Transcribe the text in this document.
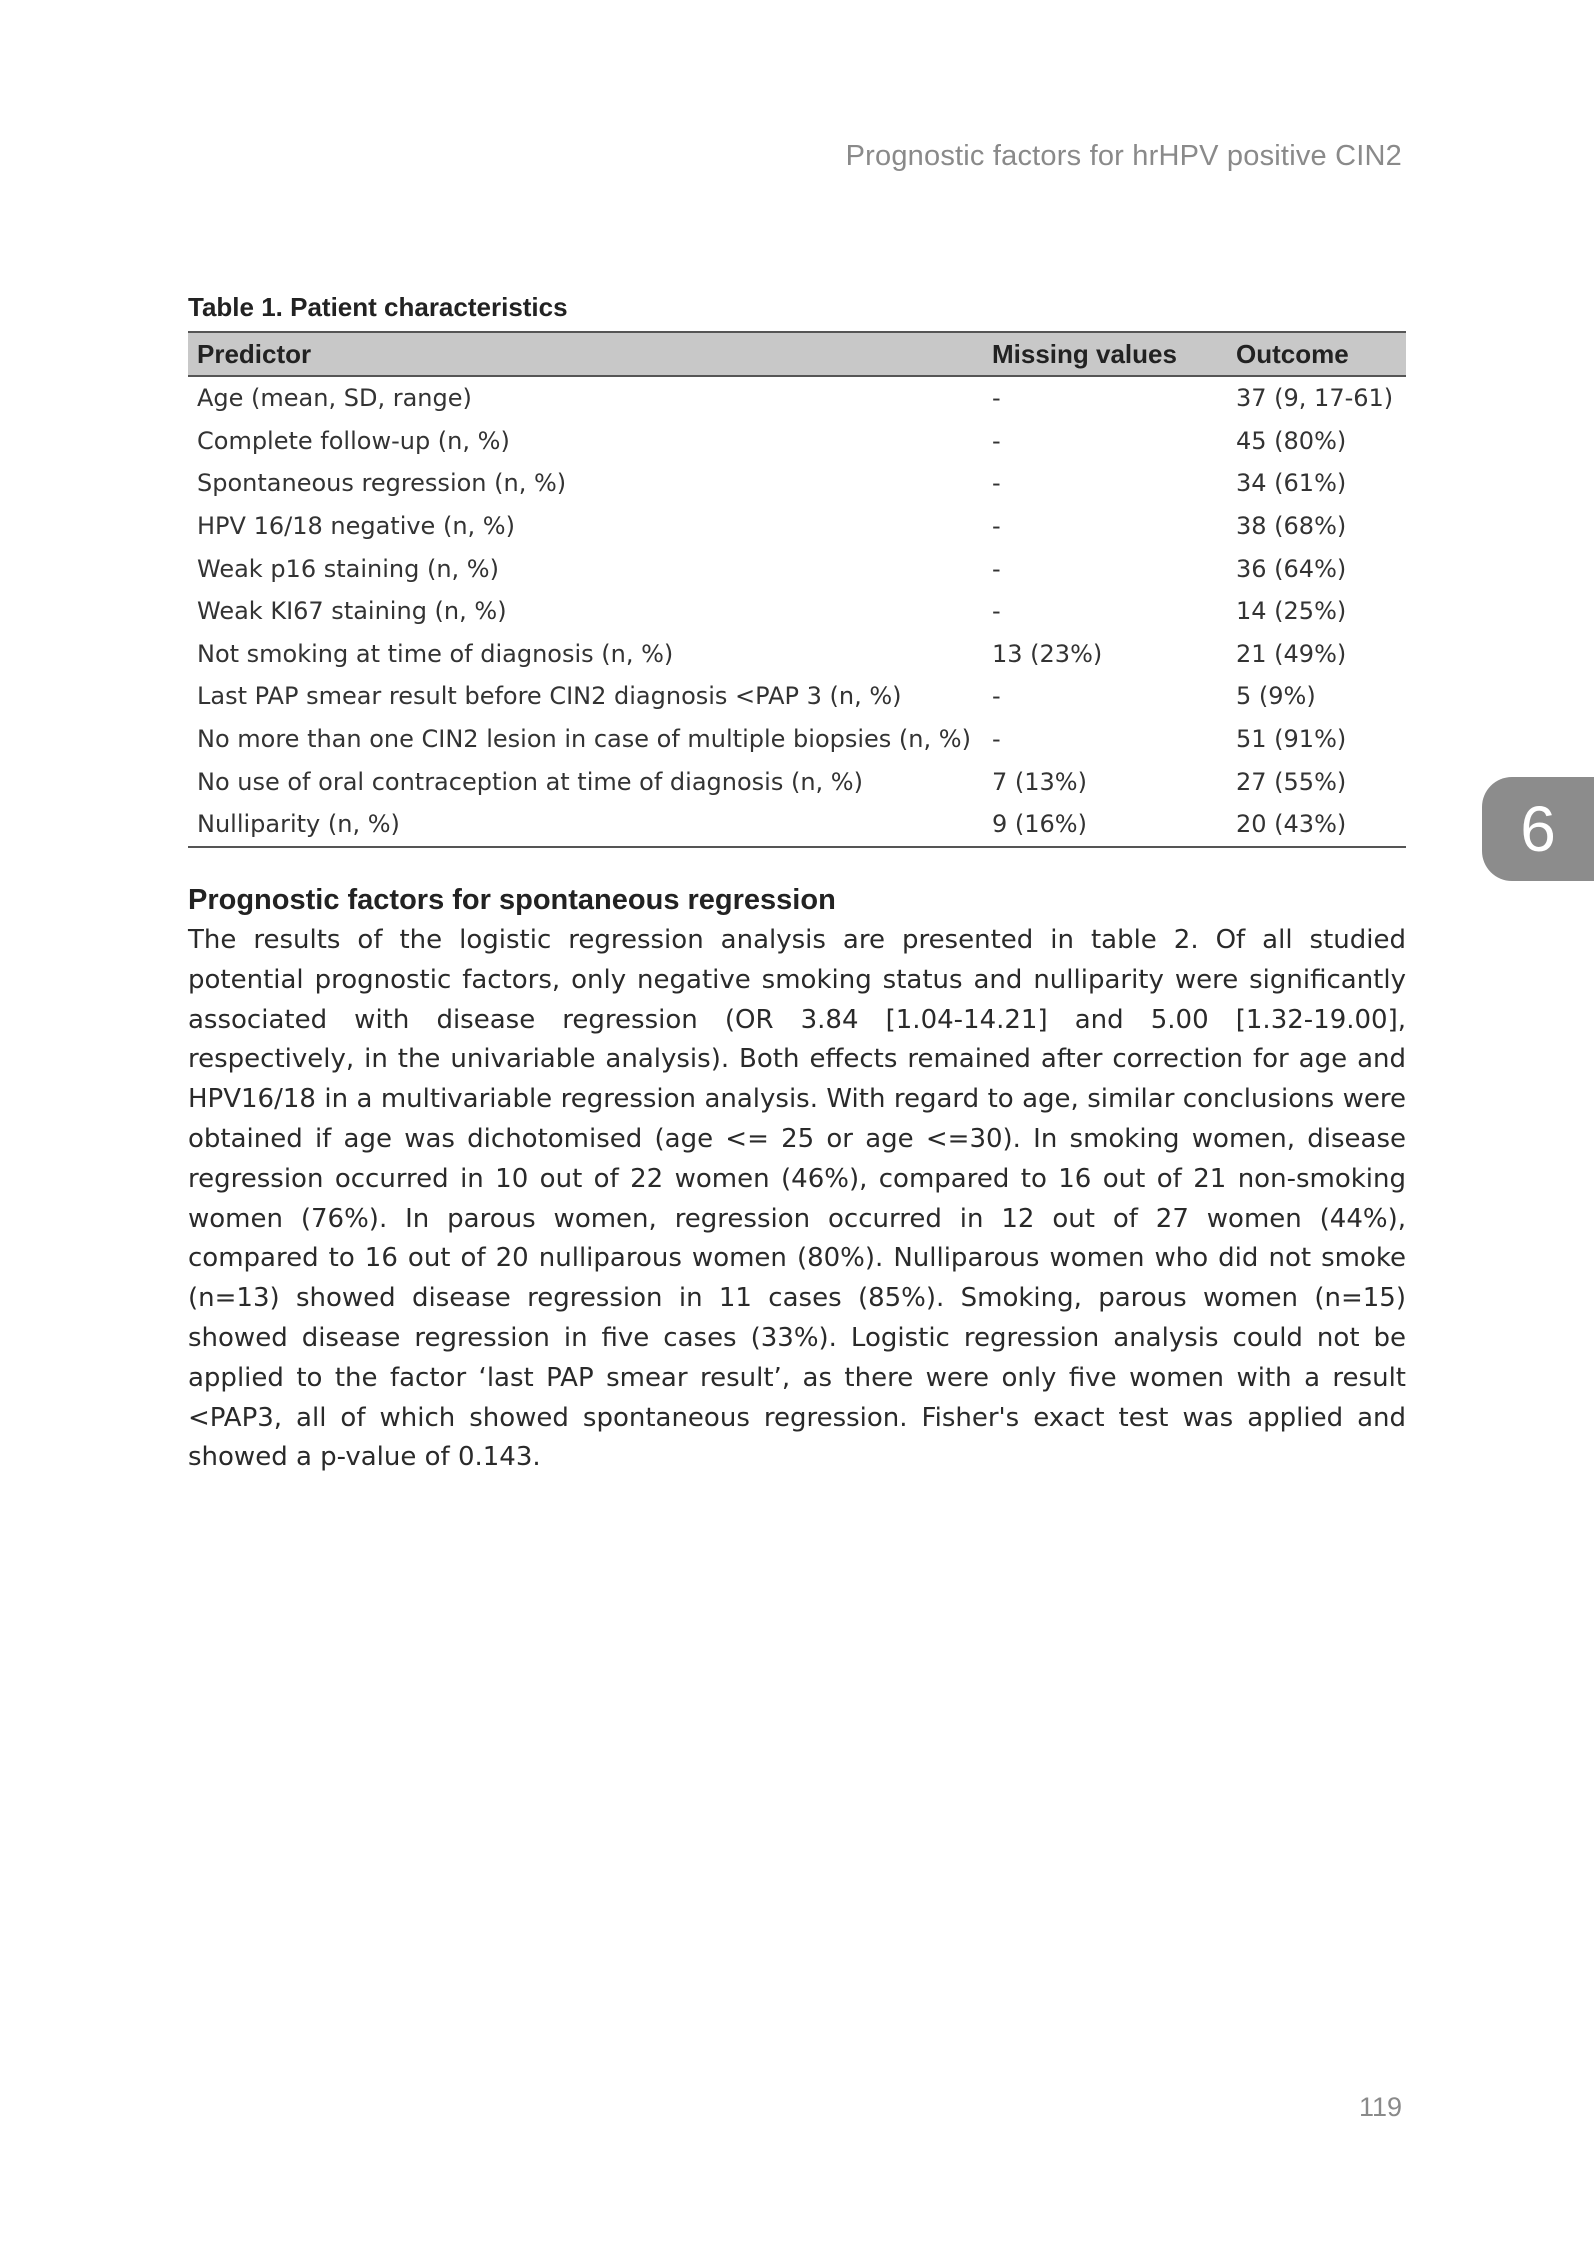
Prognostic factors for hrHPV positive CIN2
Table 1. Patient characteristics
Predictor	Missing values	Outcome
Age (mean, SD, range)	-	37 (9, 17-61)
Complete follow-up (n, %)	-	45 (80%)
Spontaneous regression (n, %)	-	34 (61%)
HPV 16/18 negative (n, %)	-	38 (68%)
Weak p16 staining (n, %)	-	36 (64%)
Weak KI67 staining (n, %)	-	14 (25%)
Not smoking at time of diagnosis (n, %)	13 (23%)	21 (49%)
Last PAP smear result before CIN2 diagnosis <PAP 3 (n, %)	-	5 (9%)
No more than one CIN2 lesion in case of multiple biopsies (n, %)	-	51 (91%)
No use of oral contraception at time of diagnosis (n, %)	7 (13%)	27 (55%)
Nulliparity (n, %)	9 (16%)	20 (43%)	6
Prognostic factors for spontaneous regression

The results of the logistic regression analysis are presented in table 2. Of all studied potential prognostic factors, only negative smoking status and nulliparity were significantly associated with disease regression (OR 3.84 [1.04-14.21] and 5.00 [1.32-19.00], respectively, in the univariable analysis). Both effects remained after correction for age and HPV16/18 in a multivariable regression analysis. With regard to age, similar conclusions were obtained if age was dichotomised (age <= 25 or age <=30). In smoking women, disease regression occurred in 10 out of 22 women (46%), compared to 16 out of 21 non-smoking women (76%). In parous women, regression occurred in 12 out of 27 women (44%), compared to 16 out of 20 nulliparous women (80%). Nulliparous women who did not smoke (n=13) showed disease regression in 11 cases (85%). Smoking, parous women (n=15) showed disease regression in five cases (33%). Logistic regression analysis could not be applied to the factor ‘last PAP smear result’, as there were only five women with a result <PAP3, all of which showed spontaneous regression. Fisher's exact test was applied and showed a p-value of 0.143.

119
